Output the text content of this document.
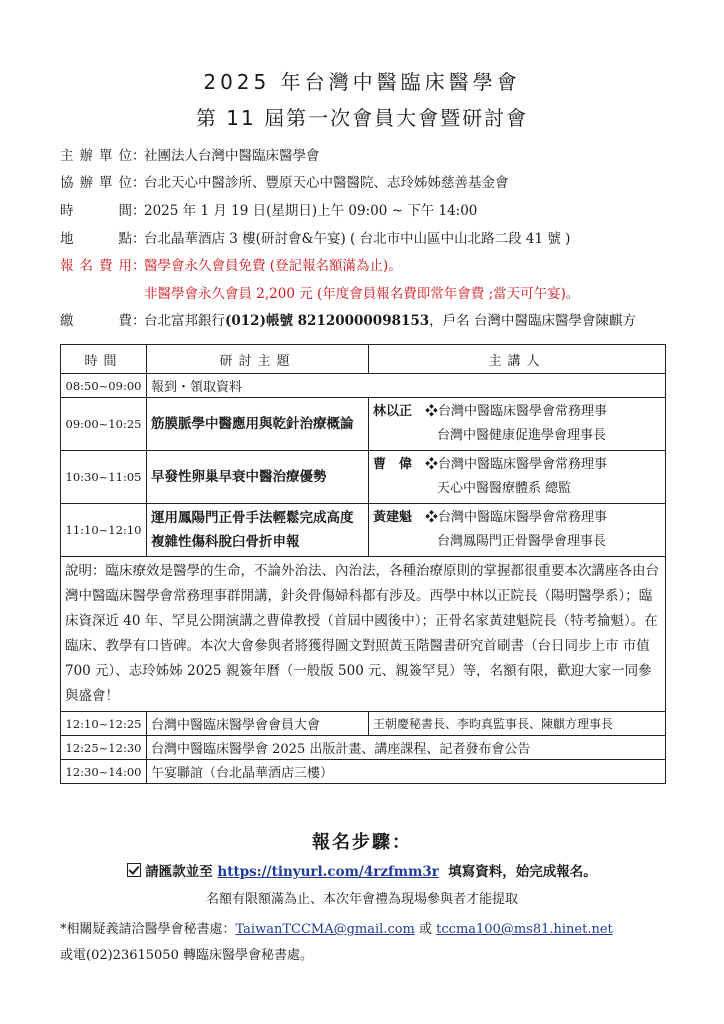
2025 年台灣中醫臨床醫學會
第 11 屆第一次會員大會暨研討會
主辦單位：社團法人台灣中醫臨床醫學會
協辦單位：台北天心中醫診所、豐原天心中醫醫院、志玲姊姊慈善基金會
時間：2025 年 1 月 19 日(星期日)上午 09:00 ~ 下午 14:00
地點：台北晶華酒店 3 樓(研討會&午宴) ( 台北市中山區中山北路二段 41 號 )
報名費用：醫學會永久會員免費 (登記報名額滿為止)。
非醫學會永久會員 2,200 元 (年度會員報名費即常年會費 ;當天可午宴)。
繳費：台北富邦銀行(012)帳號 82120000098153，戶名 台灣中醫臨床醫學會陳麒方
時間	研討主題	主講人
08:50~09:00	報到・領取資料	
09:00~10:25	筋膜脈學中醫應用與乾針治療概論	林以正 ❖台灣中醫臨床醫學會常務理事
台灣中醫健康促進學會理事長

10:30~11:05	早發性卵巢早衰中醫治療優勢	曹　偉 ❖台灣中醫臨床醫學會常務理事
天心中醫醫療體系 總監

11:10~12:10	運用鳳陽門正骨手法輕鬆完成高度複雜性傷科脫臼骨折申報	黃建魁 ❖台灣中醫臨床醫學會常務理事
台灣鳳陽門正骨醫學會理事長

說明：臨床療效是醫學的生命，不論外治法、內治法，各種治療原則的掌握都很重要本次講座各由台灣中醫臨床醫學會常務理事群開講，針灸骨傷婦科都有涉及。西學中林以正院長（陽明醫學系）；臨床資深近 40 年、罕見公開演講之曹偉教授（首屆中國後中）；正骨名家黃建魁院長（特考掄魁）。在臨床、教學有口皆碑。本次大會參與者將獲得圖文對照黃玉階醫書研究首刷書（台日同步上市 市值 700 元）、志玲姊姊 2025 親簽年曆（一般版 500 元、親簽罕見）等，名額有限，歡迎大家一同參與盛會！		
12:10~12:25	台灣中醫臨床醫學會會員大會	王朝慶秘書長、李昀真監事長、陳麒方理事長
12:25~12:30	台灣中醫臨床醫學會 2025 出版計畫、講座課程、記者發布會公告	
12:30~14:00	午宴聯誼（台北晶華酒店三樓）	
報名步驟：
請匯款並至 https://tinyurl.com/4rzfmm3r 填寫資料，始完成報名。
名額有限額滿為止、本次年會禮為現場參與者才能提取
*相關疑義請洽醫學會秘書處：TaiwanTCCMA@gmail.com 或 tccma100@ms81.hinet.net
或電(02)23615050 轉臨床醫學會秘書處。
